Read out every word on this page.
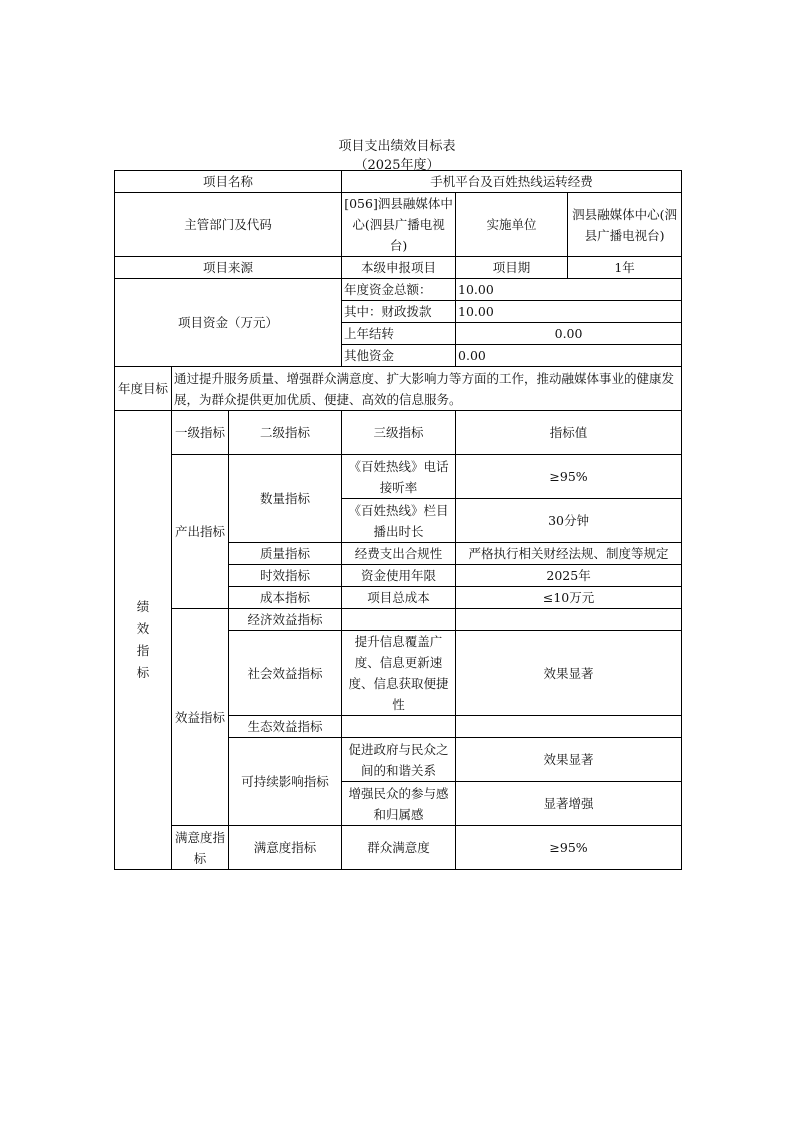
项目支出绩效目标表
（2025年度）
项目名称			手机平台及百姓热线运转经费		
主管部门及代码			[056]泗县融媒体中心(泗县广播电视台)	实施单位	泗县融媒体中心(泗县广播电视台)
项目来源			本级申报项目	项目期	1年
项目资金（万元）			年度资金总额：	10.00	
			其中：财政拨款	10.00	
			上年结转	0.00	
			其他资金	0.00	
年度目标	通过提升服务质量、增强群众满意度、扩大影响力等方面的工作，推动融媒体事业的健康发展，为群众提供更加优质、便捷、高效的信息服务。				
绩效指标	一级指标	二级指标	三级指标	指标值	
	产出指标	数量指标	《百姓热线》电话接听率	≥95%	
			《百姓热线》栏目播出时长	30分钟	
		质量指标	经费支出合规性	严格执行相关财经法规、制度等规定	
		时效指标	资金使用年限	2025年	
		成本指标	项目总成本	≤10万元	
	效益指标	经济效益指标			
		社会效益指标	提升信息覆盖广度、信息更新速度、信息获取便捷性	效果显著	
		生态效益指标			
		可持续影响指标	促进政府与民众之间的和谐关系	效果显著	
			增强民众的参与感和归属感	显著增强	

	满意度指标	满意度指标	群众满意度	≥95%	
